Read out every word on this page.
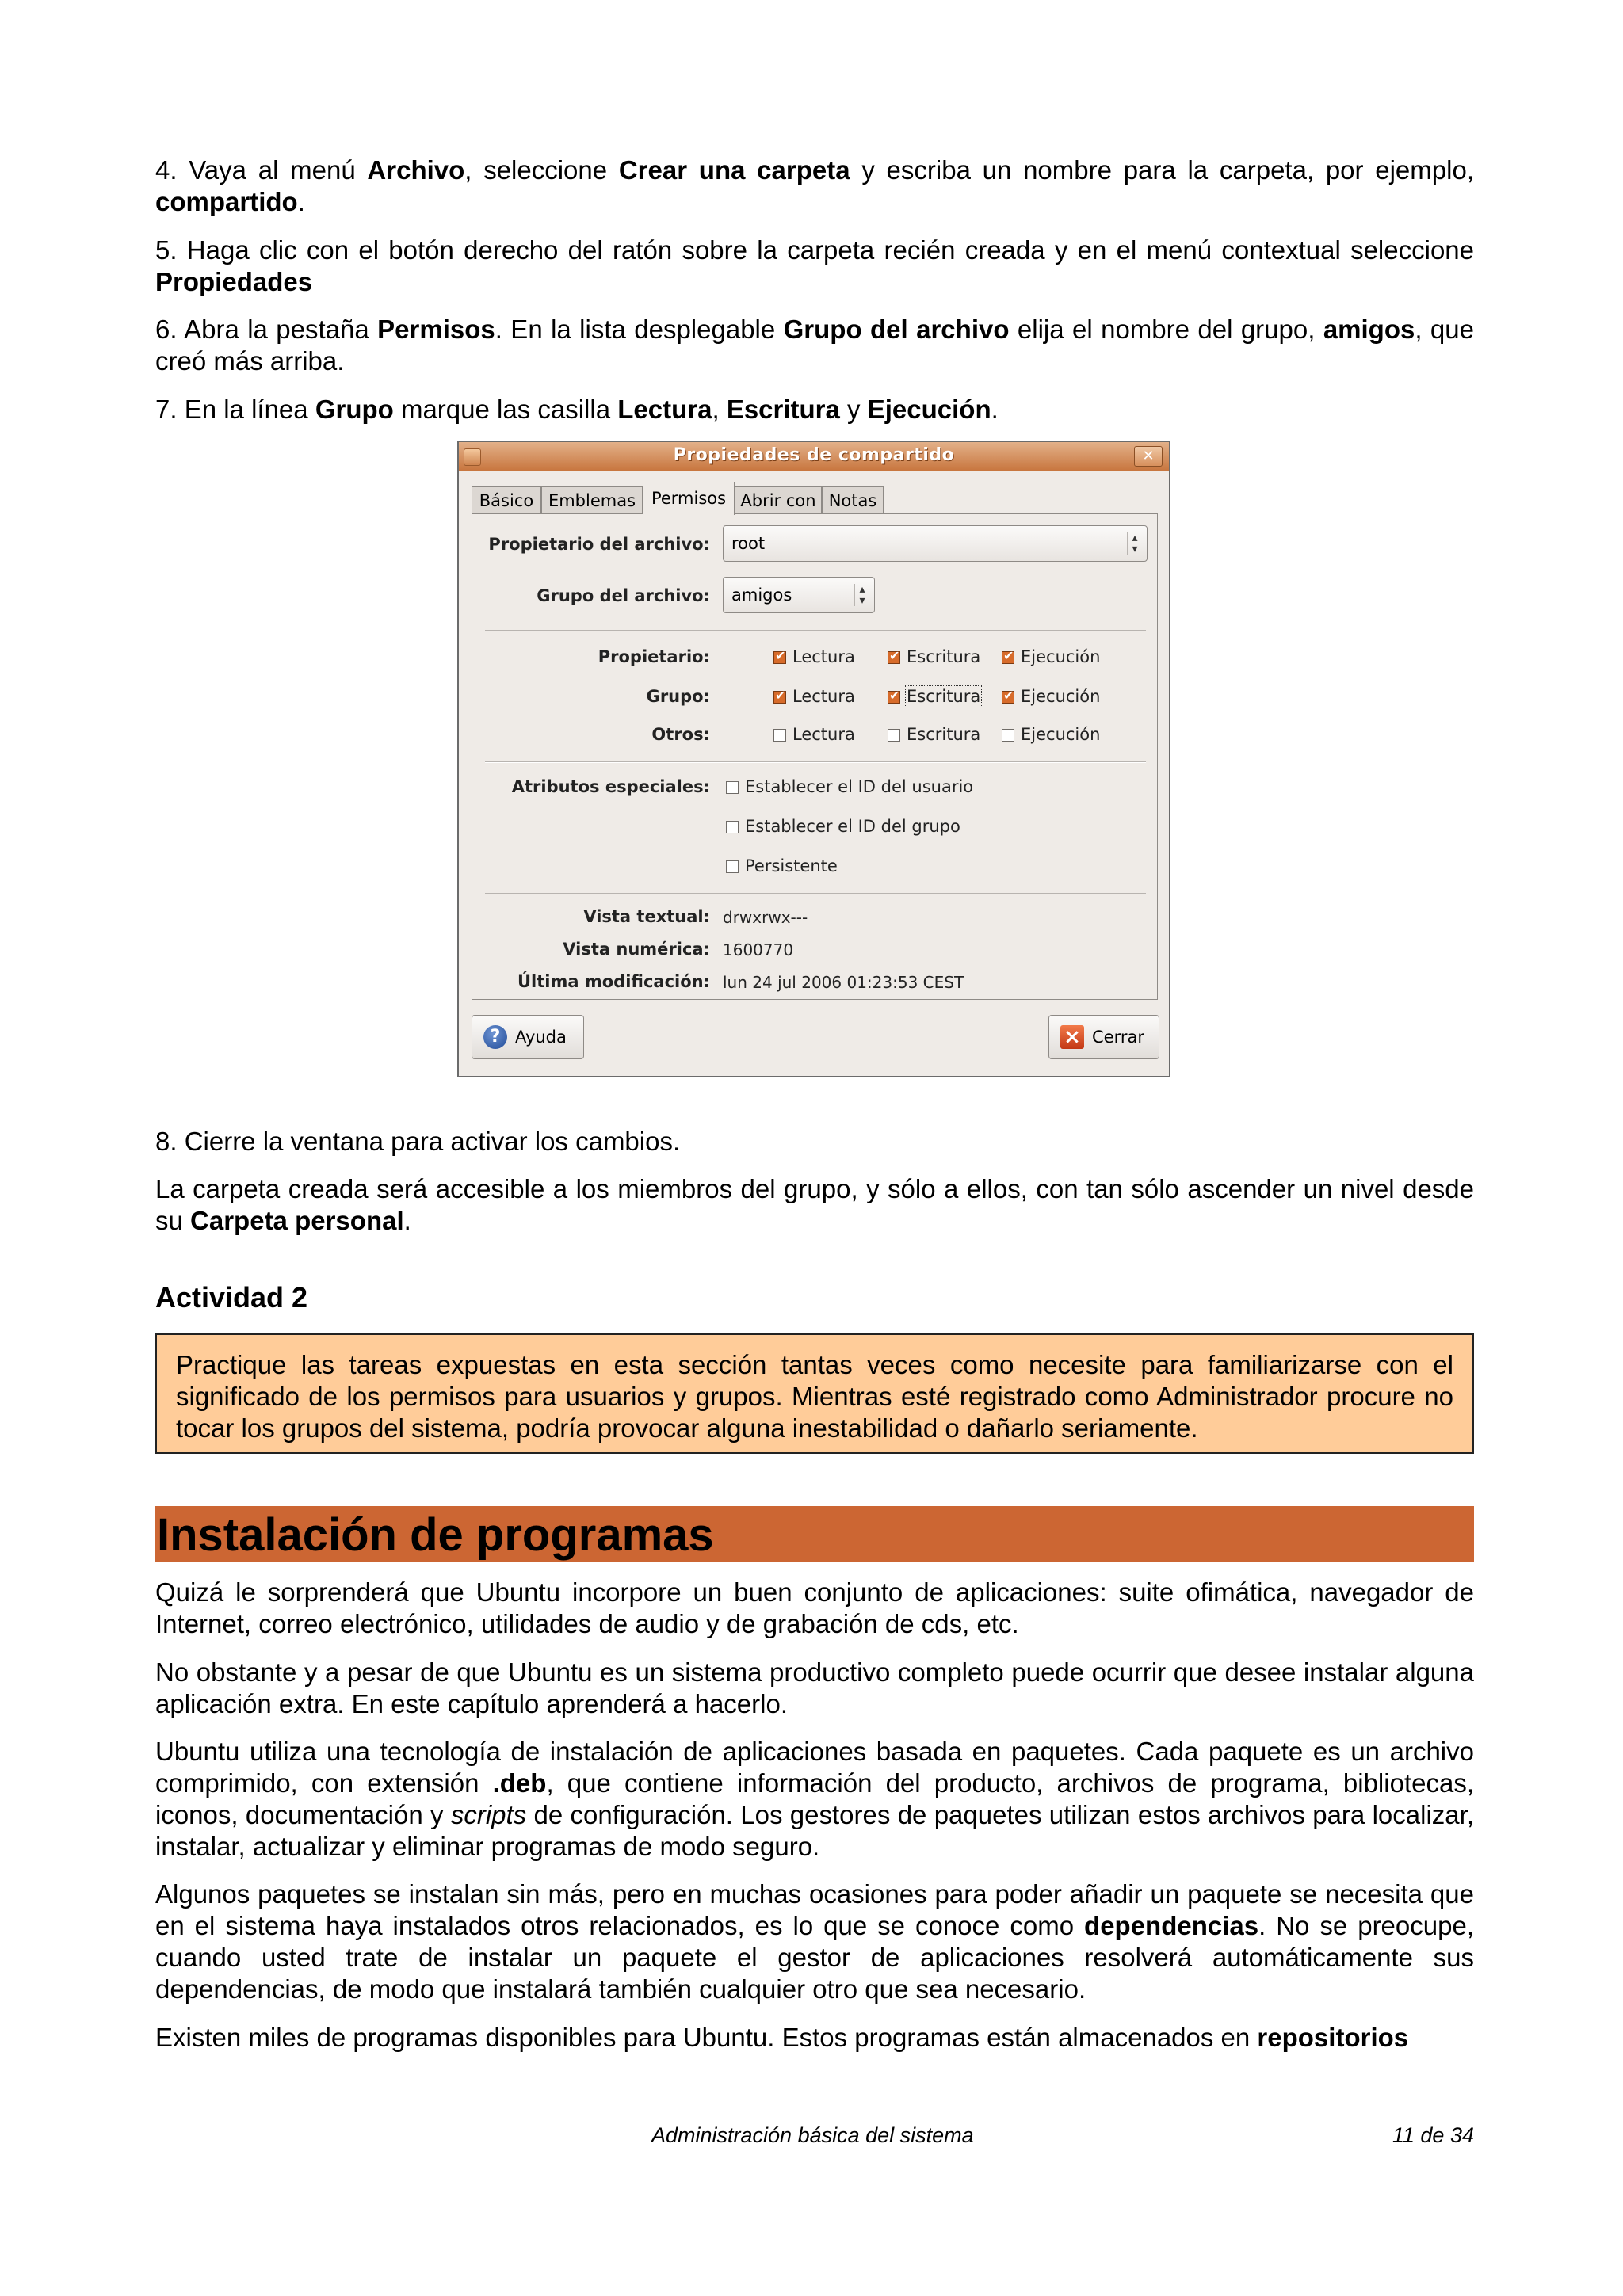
4. Vaya al menú Archivo, seleccione Crear una carpeta y escriba un nombre para la carpeta, por ejemplo, compartido.

5. Haga clic con el botón derecho del ratón sobre la carpeta recién creada y en el menú contextual seleccione Propiedades

6. Abra la pestaña Permisos. En la lista desplegable Grupo del archivo elija el nombre del grupo, amigos, que creó más arriba.

7. En la línea Grupo marque las casilla Lectura, Escritura y Ejecución.

Propiedades de compartido	✕
Básico Emblemas Permisos Abrir con Notas
Propietario del archivo:	root	▴
▾
Grupo del archivo:	amigos	▴
▾
Propietario: ✔	Lectura ✔	Escritura ✔	Ejecución
Grupo: ✔	Lectura ✔	Escritura ✔	Ejecución
Otros:	Lectura	Escritura	Ejecución
Atributos especiales:	Establecer el ID del usuario
Establecer el ID del grupo
Persistente
Vista textual: drwxrwx---
Vista numérica: 1600770
Última modificación: lun 24 jul 2006 01:23:53 CEST
? Ayuda	× Cerrar

8. Cierre la ventana para activar los cambios.

La carpeta creada será accesible a los miembros del grupo, y sólo a ellos, con tan sólo ascender un nivel desde su Carpeta personal.

Actividad 2

Practique las tareas expuestas en esta sección tantas veces como necesite para familiarizarse con el significado de los permisos para usuarios y grupos. Mientras esté registrado como Administrador procure no tocar los grupos del sistema, podría provocar alguna inestabilidad o dañarlo seriamente.

Instalación de programas

Quizá le sorprenderá que Ubuntu incorpore un buen conjunto de aplicaciones: suite ofimática, navegador de Internet, correo electrónico, utilidades de audio y de grabación de cds, etc.

No obstante y a pesar de que Ubuntu es un sistema productivo completo puede ocurrir que desee instalar alguna aplicación extra. En este capítulo aprenderá a hacerlo.

Ubuntu utiliza una tecnología de instalación de aplicaciones basada en paquetes. Cada paquete es un archivo comprimido, con extensión .deb, que contiene información del producto, archivos de programa, bibliotecas, iconos, documentación y scripts de configuración. Los gestores de paquetes utilizan estos archivos para localizar, instalar, actualizar y eliminar programas de modo seguro.

Algunos paquetes se instalan sin más, pero en muchas ocasiones para poder añadir un paquete se necesita que en el sistema haya instalados otros relacionados, es lo que se conoce como dependencias. No se preocupe, cuando usted trate de instalar un paquete el gestor de aplicaciones resolverá automáticamente sus dependencias, de modo que instalará también cualquier otro que sea necesario.

Existen miles de programas disponibles para Ubuntu. Estos programas están almacenados en repositorios

Administración básica del sistema	11 de 34
